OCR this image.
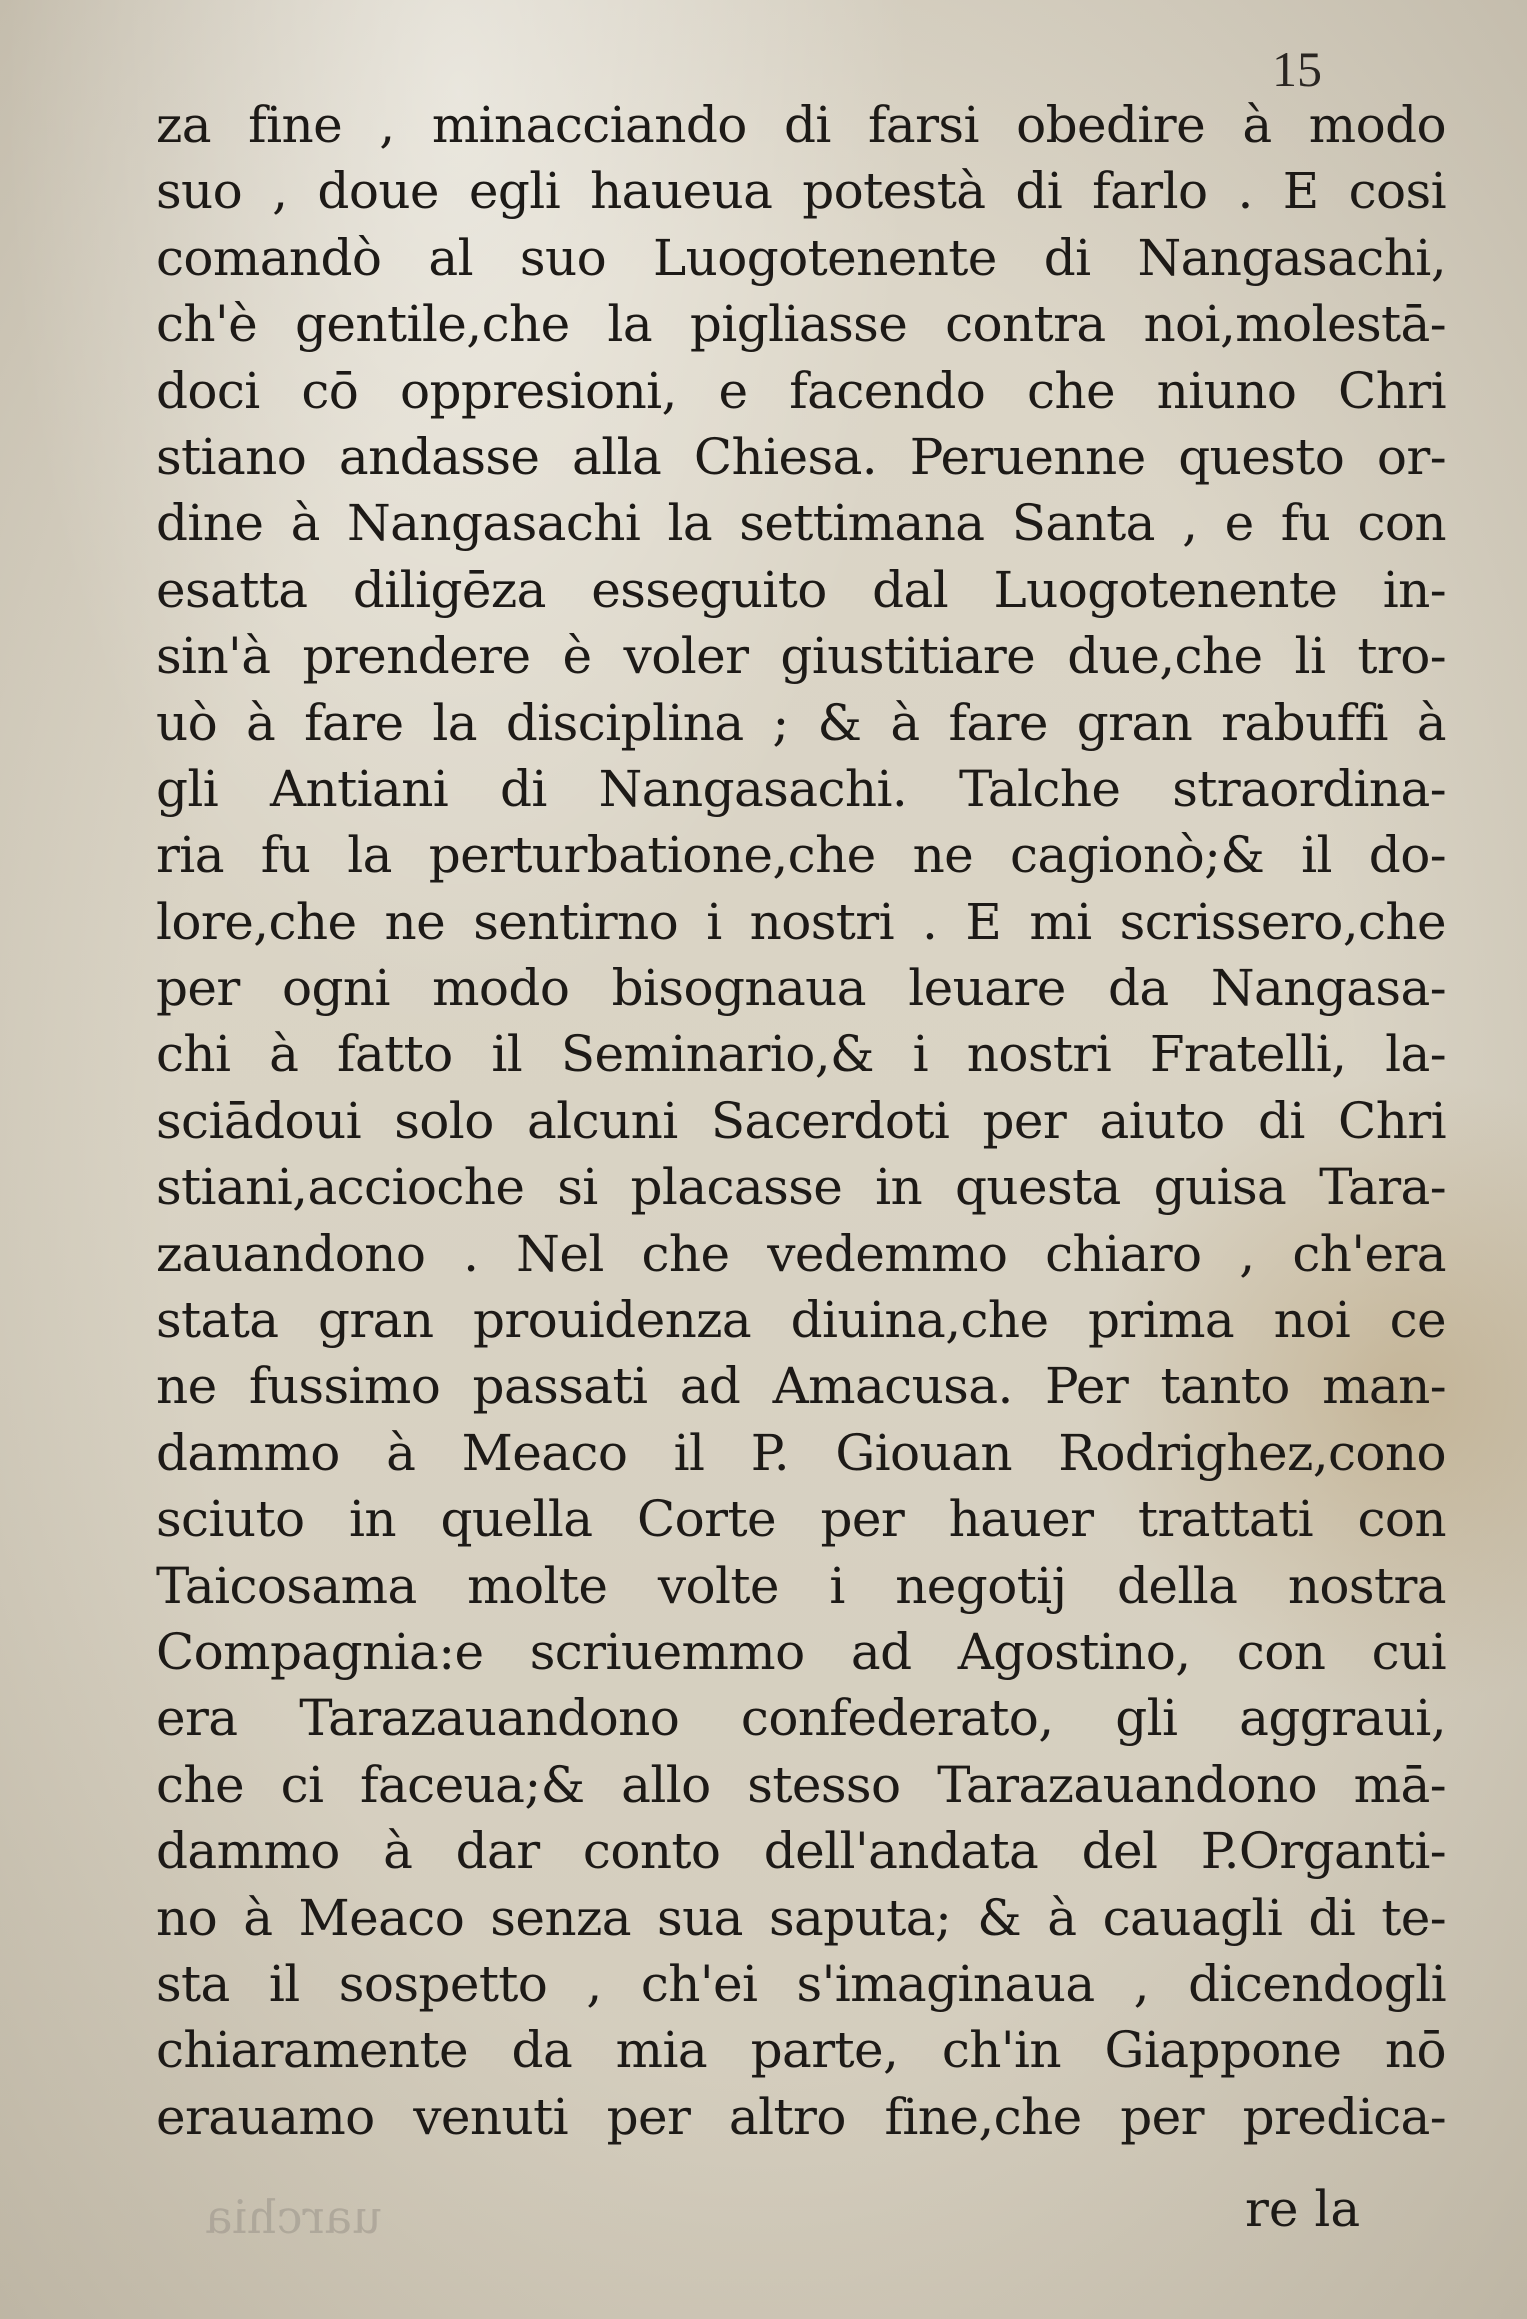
15

za fine , minacciando di farsi obedire à modo
suo , doue egli haueua potestà di farlo . E cosi
comandò al suo Luogotenente di Nangasachi,
ch'è gentile,che la pigliasse contra noi,molestā-
doci cō oppresioni, e facendo che niuno Chri
stiano andasse alla Chiesa. Peruenne questo or-
dine à Nangasachi la settimana Santa , e fu con
esatta diligēza esseguito dal Luogotenente in-
sin'à prendere è voler giustitiare due,che li tro-
uò à fare la disciplina ; & à fare gran rabuffi à
gli Antiani di Nangasachi. Talche straordina-
ria fu la perturbatione,che ne cagionò;& il do-
lore,che ne sentirno i nostri . E mi scrissero,che
per ogni modo bisognaua leuare da Nangasa-
chi à fatto il Seminario,& i nostri Fratelli, la-
sciādoui solo alcuni Sacerdoti per aiuto di Chri
stiani,accioche si placasse in questa guisa Tara-
zauandono . Nel che vedemmo chiaro , ch'era
stata gran prouidenza diuina,che prima noi ce
ne fussimo passati ad Amacusa. Per tanto man-
dammo à Meaco il P. Giouan Rodrighez,cono
sciuto in quella Corte per hauer trattati con
Taicosama molte volte i negotij della nostra
Compagnia:e scriuemmo ad Agostino, con cui
era Tarazauandono confederato, gli aggraui,
che ci faceua;& allo stesso Tarazauandono mā-
dammo à dar conto dell'andata del P.Organti-
no à Meaco senza sua saputa; & à cauagli di te-
sta il sospetto , ch'ei s'imaginaua , dicendogli
chiaramente da mia parte, ch'in Giappone nō
erauamo venuti per altro fine,che per predica-

uarchia	re la
